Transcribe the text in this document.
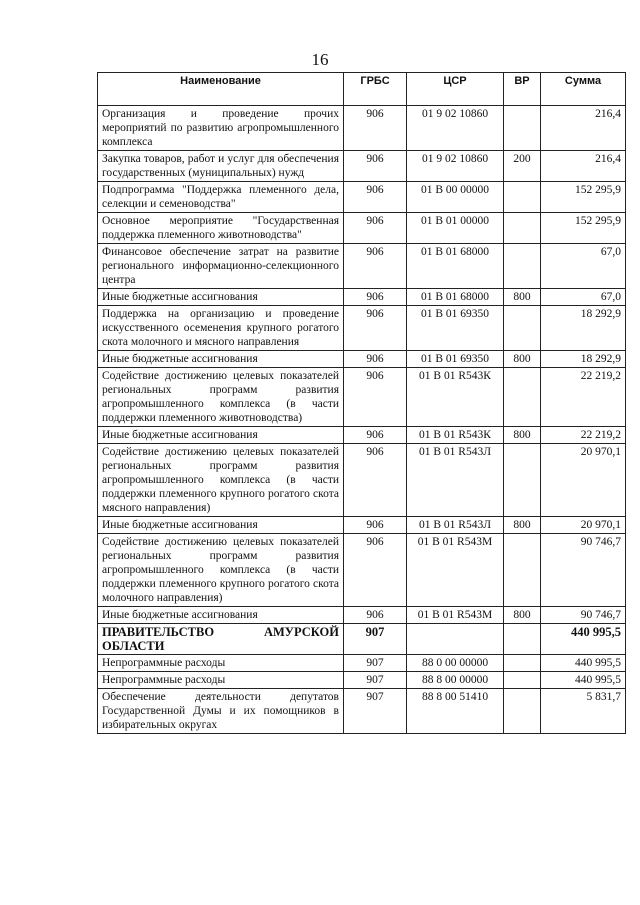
16
Наименование	ГРБС	ЦСР	ВР	Сумма
Организация и проведение прочих мероприятий по развитию агропромышленного комплекса	906	01 9 02 10860		216,4
Закупка товаров, работ и услуг для обеспечения государственных (муниципальных) нужд	906	01 9 02 10860	200	216,4
Подпрограмма "Поддержка племенного дела, селекции и семеноводства"	906	01 В 00 00000		152 295,9
Основное мероприятие "Государственная поддержка племенного животноводства"	906	01 В 01 00000		152 295,9
Финансовое обеспечение затрат на развитие регионального информационно-селекционного центра	906	01 В 01 68000		67,0
Иные бюджетные ассигнования	906	01 В 01 68000	800	67,0
Поддержка на организацию и проведение искусственного осеменения крупного рогатого скота молочного и мясного направления	906	01 В 01 69350		18 292,9
Иные бюджетные ассигнования	906	01 В 01 69350	800	18 292,9
Содействие достижению целевых показателей региональных программ развития агропромышленного комплекса (в части поддержки племенного животноводства)	906	01 В 01 R543К		22 219,2
Иные бюджетные ассигнования	906	01 В 01 R543К	800	22 219,2
Содействие достижению целевых показателей региональных программ развития агропромышленного комплекса (в части поддержки племенного крупного рогатого скота мясного направления)	906	01 В 01 R543Л		20 970,1
Иные бюджетные ассигнования	906	01 В 01 R543Л	800	20 970,1
Содействие достижению целевых показателей региональных программ развития агропромышленного комплекса (в части поддержки племенного крупного рогатого скота молочного направления)	906	01 В 01 R543М		90 746,7
Иные бюджетные ассигнования	906	01 В 01 R543М	800	90 746,7
ПРАВИТЕЛЬСТВО АМУРСКОЙ ОБЛАСТИ	907			440 995,5
Непрограммные расходы	907	88 0 00 00000		440 995,5
Непрограммные расходы	907	88 8 00 00000		440 995,5
Обеспечение деятельности депутатов Государственной Думы и их помощников в избирательных округах	907	88 8 00 51410		5 831,7
